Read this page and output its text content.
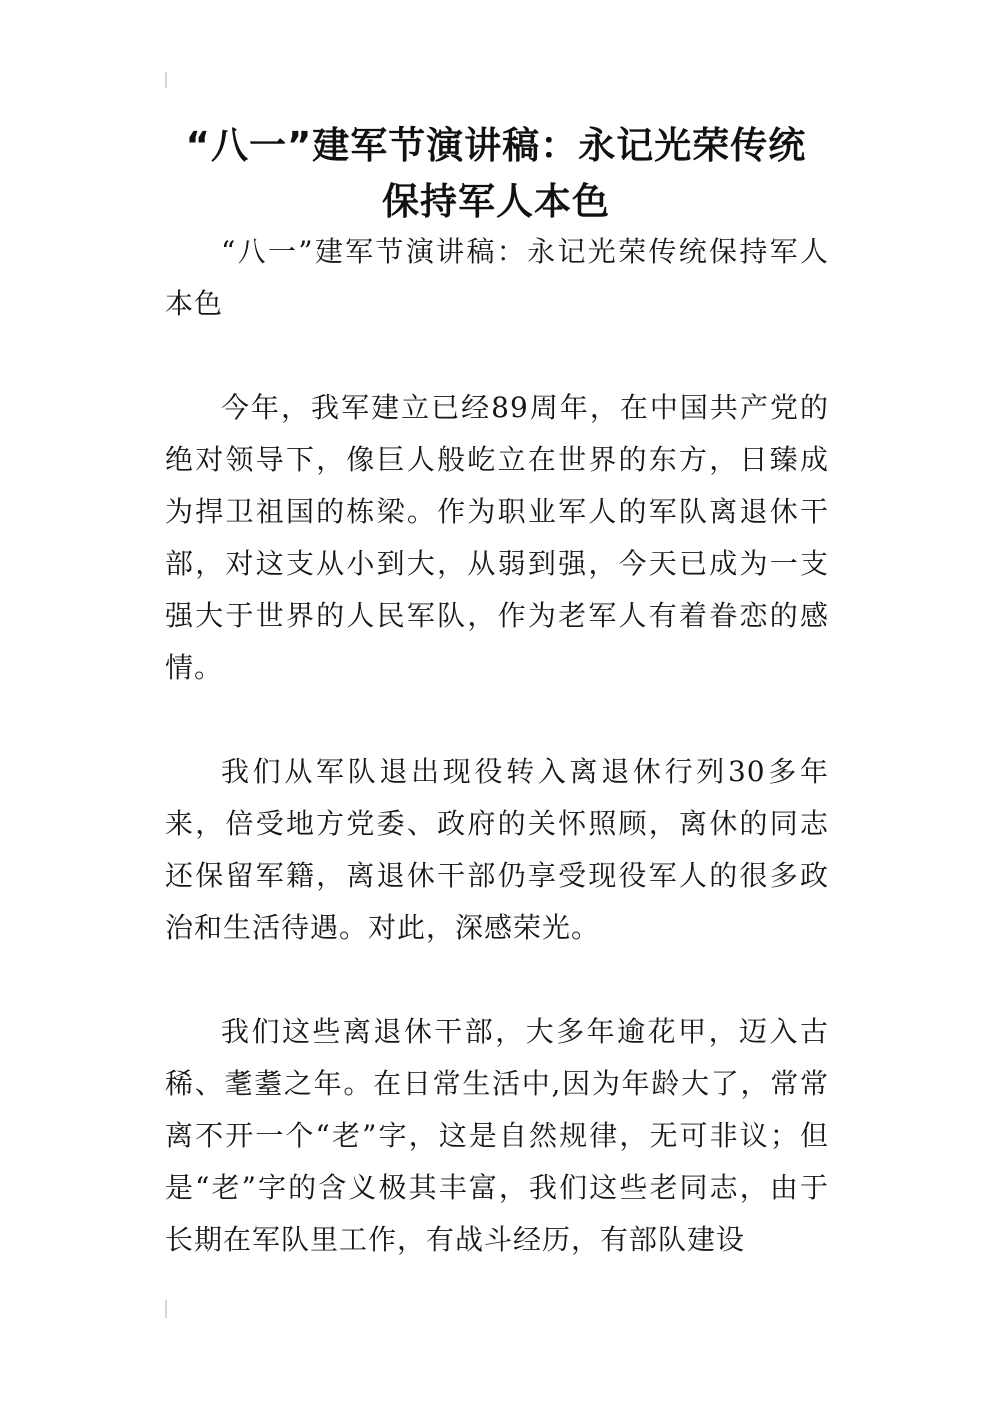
“八一”建军节演讲稿：永记光荣传统 保持军人本色

“八一”建军节演讲稿：永记光荣传统保持军人本色

今年，我军建立已经89周年，在中国共产党的绝对领导下，像巨人般屹立在世界的东方，日臻成为捍卫祖国的栋梁。作为职业军人的军队离退休干部，对这支从小到大，从弱到强，今天已成为一支强大于世界的人民军队，作为老军人有着眷恋的感情。

我们从军队退出现役转入离退休行列30多年来，倍受地方党委、政府的关怀照顾，离休的同志还保留军籍，离退休干部仍享受现役军人的很多政治和生活待遇。对此，深感荣光。

我们这些离退休干部，大多年逾花甲，迈入古稀、耄耋之年。在日常生活中,因为年龄大了，常常离不开一个“老”字，这是自然规律，无可非议；但是“老”字的含义极其丰富，我们这些老同志，由于长期在军队里工作，有战斗经历，有部队建设
